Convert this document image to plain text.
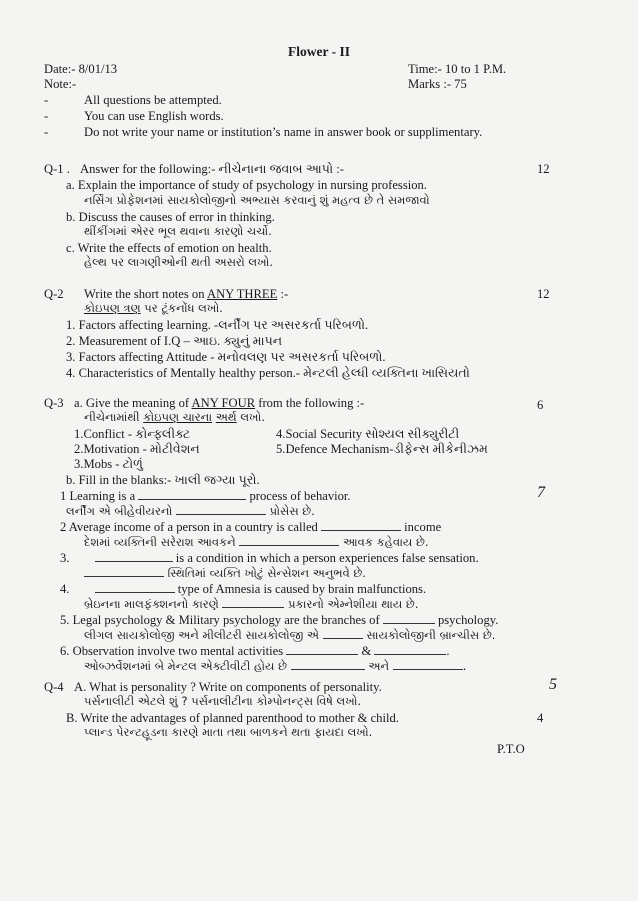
Flower - II
Date:- 8/01/13	Time:- 10 to 1 P.M.
Note:-	Marks :- 75
-	All questions be attempted.
-	You can use English words.
-	Do not write your name or institution’s name in answer book or supplimentary.
Q-1 . Answer for the following:- નીચેનાના જવાબ આપો :-	12
a. Explain the importance of study of psychology in nursing profession.
નર્સિંગ પ્રોફેશનમાં સાયકોલોજીનો અભ્યાસ કરવાનું શું મહત્વ છે તે સમજાવો
b. Discuss the causes of error in thinking.
થીંકીંગમાં એરર ભૂલ થવાના કારણો ચર્ચો.
c. Write the effects of emotion on health.
હેલ્થ પર લાગણીઓની થતી અસરો લખો.
Q-2 Write the short notes on ANY THREE :-	12
કોઇપણ ત્રણ પર ટૂંકનોંધ લખો.
1. Factors affecting learning. -લર્નીંગ પર અસરકર્તા પરિબળો.
2. Measurement of I.Q – આઇ. ક્યુનું માપન
3. Factors affecting Attitude - મનોવલણ પર અસરકર્તા પરિબળો.
4. Characteristics of Mentally healthy person.- મેન્ટલી હેલ્ધી વ્યક્તિના ખાસિયતો
Q-3 a. Give the meaning of ANY FOUR from the following :-	6
નીચેનામાંથી કોઇપણ ચારના અર્થ લખો.
1.Conflict - કોન્ફ્લીક્ટ	4.Social Security સોશ્યલ સીક્યુરીટી
2.Motivation - મોટીવેશન	5.Defence Mechanism-ડીફેન્સ મીકેનીઝમ
3.Mobs - ટોળું
b. Fill in the blanks:- ખાલી જગ્યા પૂરો.
7
1 Learning is a	process of behavior.
લર્નીંગ એ બીહેવીયરનો	પ્રોસેસ છે.
2 Average income of a person in a country is called	income
દેશમાં વ્યક્તિની સરેરાશ આવકને	આવક કહેવાય છે.
3.	is a condition in which a person experiences false sensation.
સ્થિતિમાં વ્યક્તિ ખોટું સેન્સેશન અનુભવે છે.
4.	type of Amnesia is caused by brain malfunctions.
બ્રેઇનના માલફંક્શનનો કારણે	પ્રકારનો એમ્નેશીયા થાય છે.
5. Legal psychology & Military psychology are the branches of	psychology.
લીગલ સાયકોલોજી અને મીલીટરી સાયકોલોજી એ	સાયકોલોજીની બ્રાન્ચીસ છે.
6. Observation involve two mental activities	&	.
ઓબ્ઝર્વેશનમાં બે મેન્ટલ એક્ટીવીટી હોય છે	અને	.
Q-4 A. What is personality ? Write on components of personality.	5
પર્સનાલીટી એટલે શું ? પર્સનાલીટીના કોમ્પોનન્ટ્સ વિષે લખો.
B. Write the advantages of planned parenthood to mother & child.	4
પ્લાન્ડ પેરન્ટહૂડના કારણે માતા તથા બાળકને થતા ફાયદા લખો.
P.T.O
